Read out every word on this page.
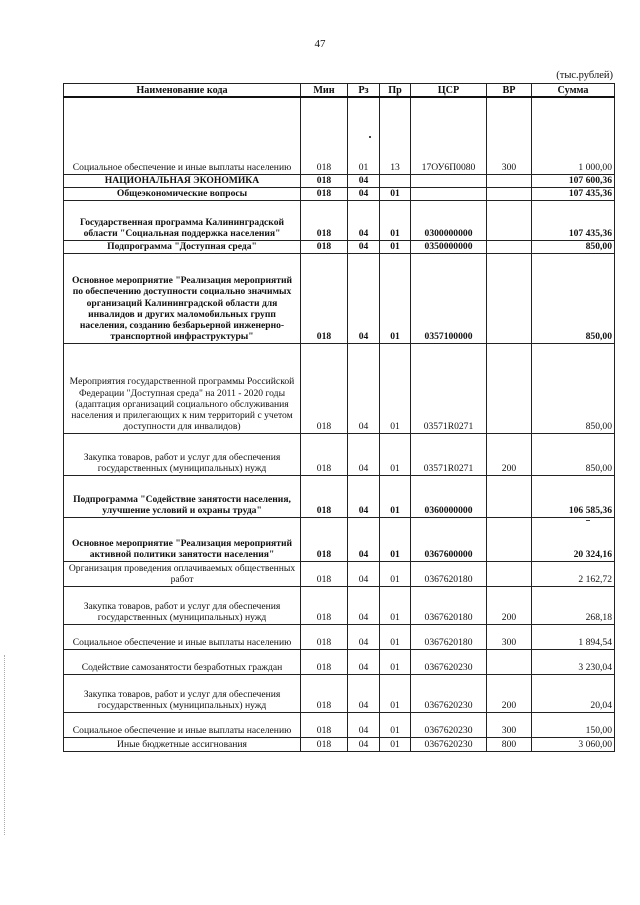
47
(тыс.рублей)
Наименование кода	Мин	Рз	Пр	ЦСР	ВР	Сумма
Социальное обеспечение и иные выплаты населению	018	01	13	17ОУ6П0080	300	1 000,00
НАЦИОНАЛЬНАЯ ЭКОНОМИКА	018	04				107 600,36
Общеэкономические вопросы	018	04	01			107 435,36
Государственная программа Калининградской области "Социальная поддержка населения"	018	04	01	0300000000		107 435,36
Подпрограмма "Доступная среда"	018	04	01	0350000000		850,00
Основное мероприятие "Реализация мероприятий по обеспечению доступности социально значимых организаций Калининградской области для инвалидов и других маломобильных групп населения, созданию безбарьерной инженерно-транспортной инфраструктуры"	018	04	01	0357100000		850,00
Мероприятия государственной программы Российской Федерации "Доступная среда" на 2011 - 2020 годы (адаптация организаций социального обслуживания населения и прилегающих к ним территорий с учетом доступности для инвалидов)	018	04	01	03571R0271		850,00
Закупка товаров, работ и услуг для обеспечения государственных (муниципальных) нужд	018	04	01	03571R0271	200	850,00
Подпрограмма "Содействие занятости населения, улучшение условий и охраны труда"	018	04	01	0360000000		106 585,36
Основное мероприятие "Реализация мероприятий активной политики занятости населения"	018	04	01	0367600000		20 324,16
Организация проведения оплачиваемых общественных работ	018	04	01	0367620180		2 162,72
Закупка товаров, работ и услуг для обеспечения государственных (муниципальных) нужд	018	04	01	0367620180	200	268,18
Социальное обеспечение и иные выплаты населению	018	04	01	0367620180	300	1 894,54
Содействие самозанятости безработных граждан	018	04	01	0367620230		3 230,04
Закупка товаров, работ и услуг для обеспечения государственных (муниципальных) нужд	018	04	01	0367620230	200	20,04
Социальное обеспечение и иные выплаты населению	018	04	01	0367620230	300	150,00
Иные бюджетные ассигнования	018	04	01	0367620230	800	3 060,00
